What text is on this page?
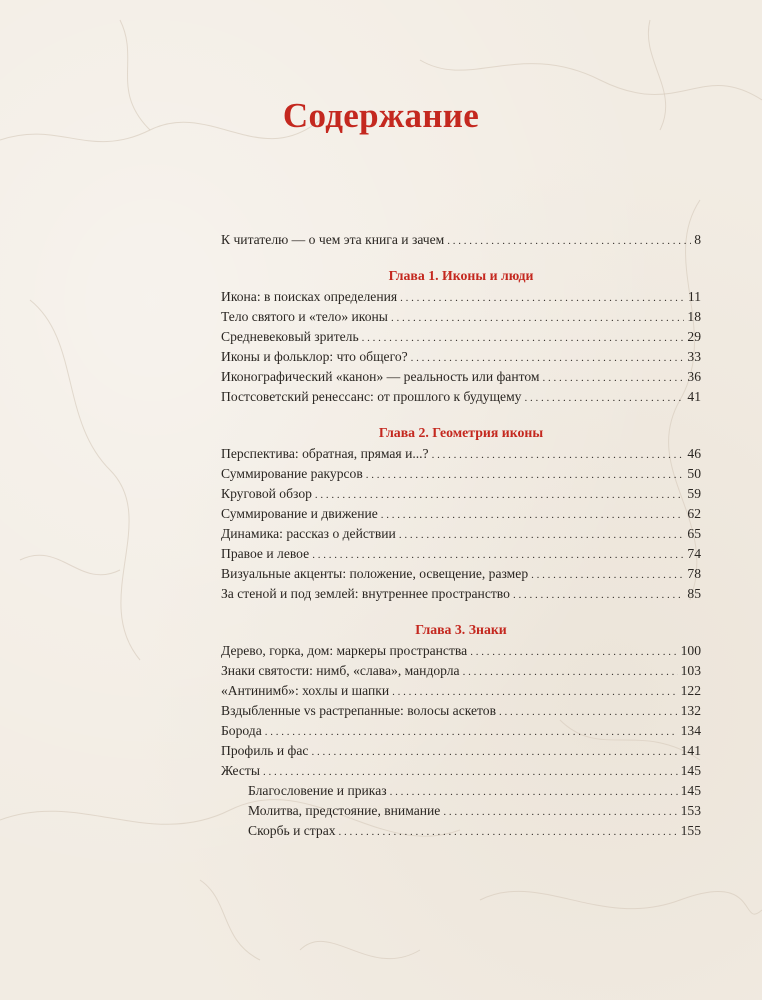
Содержание
К читателю — о чем эта книга и зачем . . .	8
Глава 1. Иконы и люди
Икона: в поисках определения . . .	11
Тело святого и «тело» иконы . . .	18
Средневековый зритель . . .	29
Иконы и фольклор: что общего? . . .	33
Иконографический «канон» — реальность или фантом . . .	36
Постсоветский ренессанс: от прошлого к будущему . . .	41
Глава 2. Геометрия иконы
Перспектива: обратная, прямая и...? . . .	46
Суммирование ракурсов . . .	50
Круговой обзор . . .	59
Суммирование и движение . . .	62
Динамика: рассказ о действии . . .	65
Правое и левое . . .	74
Визуальные акценты: положение, освещение, размер . . .	78
За стеной и под землей: внутреннее пространство . . .	85
Глава 3. Знаки
Дерево, горка, дом: маркеры пространства . . .	100
Знаки святости: нимб, «слава», мандорла . . .	103
«Антинимб»: хохлы и шапки . . .	122
Вздыбленные vs растрепанные: волосы аскетов . . .	132
Борода . . .	134
Профиль и фас . . .	141
Жесты . . .	145
Благословение и приказ . . .	145
Молитва, предстояние, внимание . . .	153
Скорбь и страх . . .	155
